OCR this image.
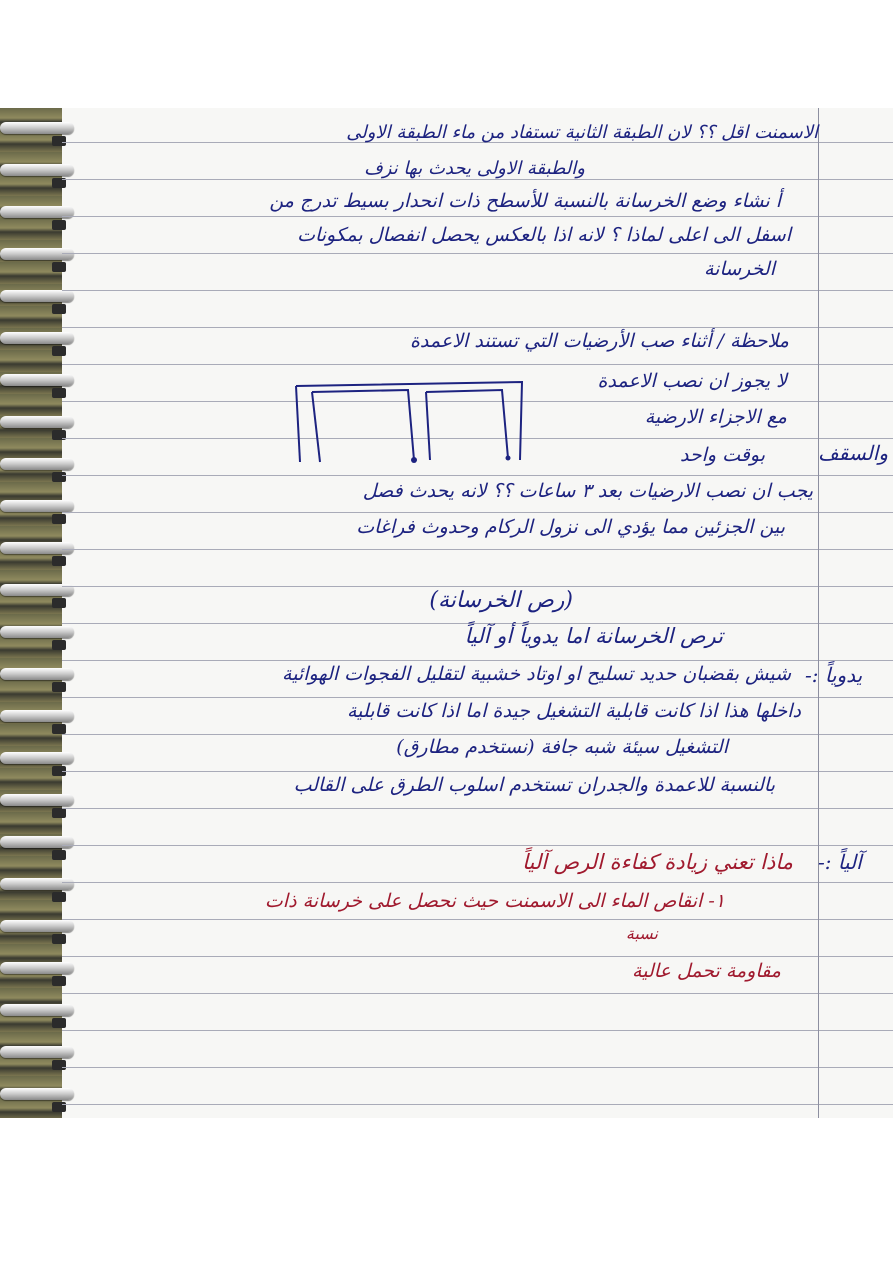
الاسمنت اقل ؟؟ لان الطبقة الثانية تستفاد من ماء الطبقة الاولى
والطبقة الاولى يحدث بها نزف
أ نشاء وضع الخرسانة بالنسبة للأسطح ذات انحدار بسيط تدرج من
اسفل الى اعلى لماذا ؟ لانه اذا بالعكس يحصل انفصال بمكونات
الخرسانة
ملاحظة / أثناء صب الأرضيات التي تستند الاعمدة
لا يجوز ان نصب الاعمدة
مع الاجزاء الارضية
بوقت واحد	والسقف
يجب ان نصب الارضيات بعد ٣ ساعات ؟؟ لانه يحدث فصل
بين الجزئين مما يؤدي الى نزول الركام وحدوث فراغات
(رص الخرسانة)
ترص الخرسانة اما يدوياً أو آلياً
يدوياً :-
شيش بقضبان حديد تسليح او اوتاد خشبية لتقليل الفجوات الهوائية
داخلها هذا اذا كانت قابلية التشغيل جيدة اما اذا كانت قابلية
التشغيل سيئة شبه جافة (نستخدم مطارق)
بالنسبة للاعمدة والجدران تستخدم اسلوب الطرق على القالب
آلياً :-
ماذا تعني زيادة كفاءة الرص آلياً
١- انقاص الماء الى الاسمنت حيث نحصل على خرسانة ذات
نسبة
مقاومة تحمل عالية
